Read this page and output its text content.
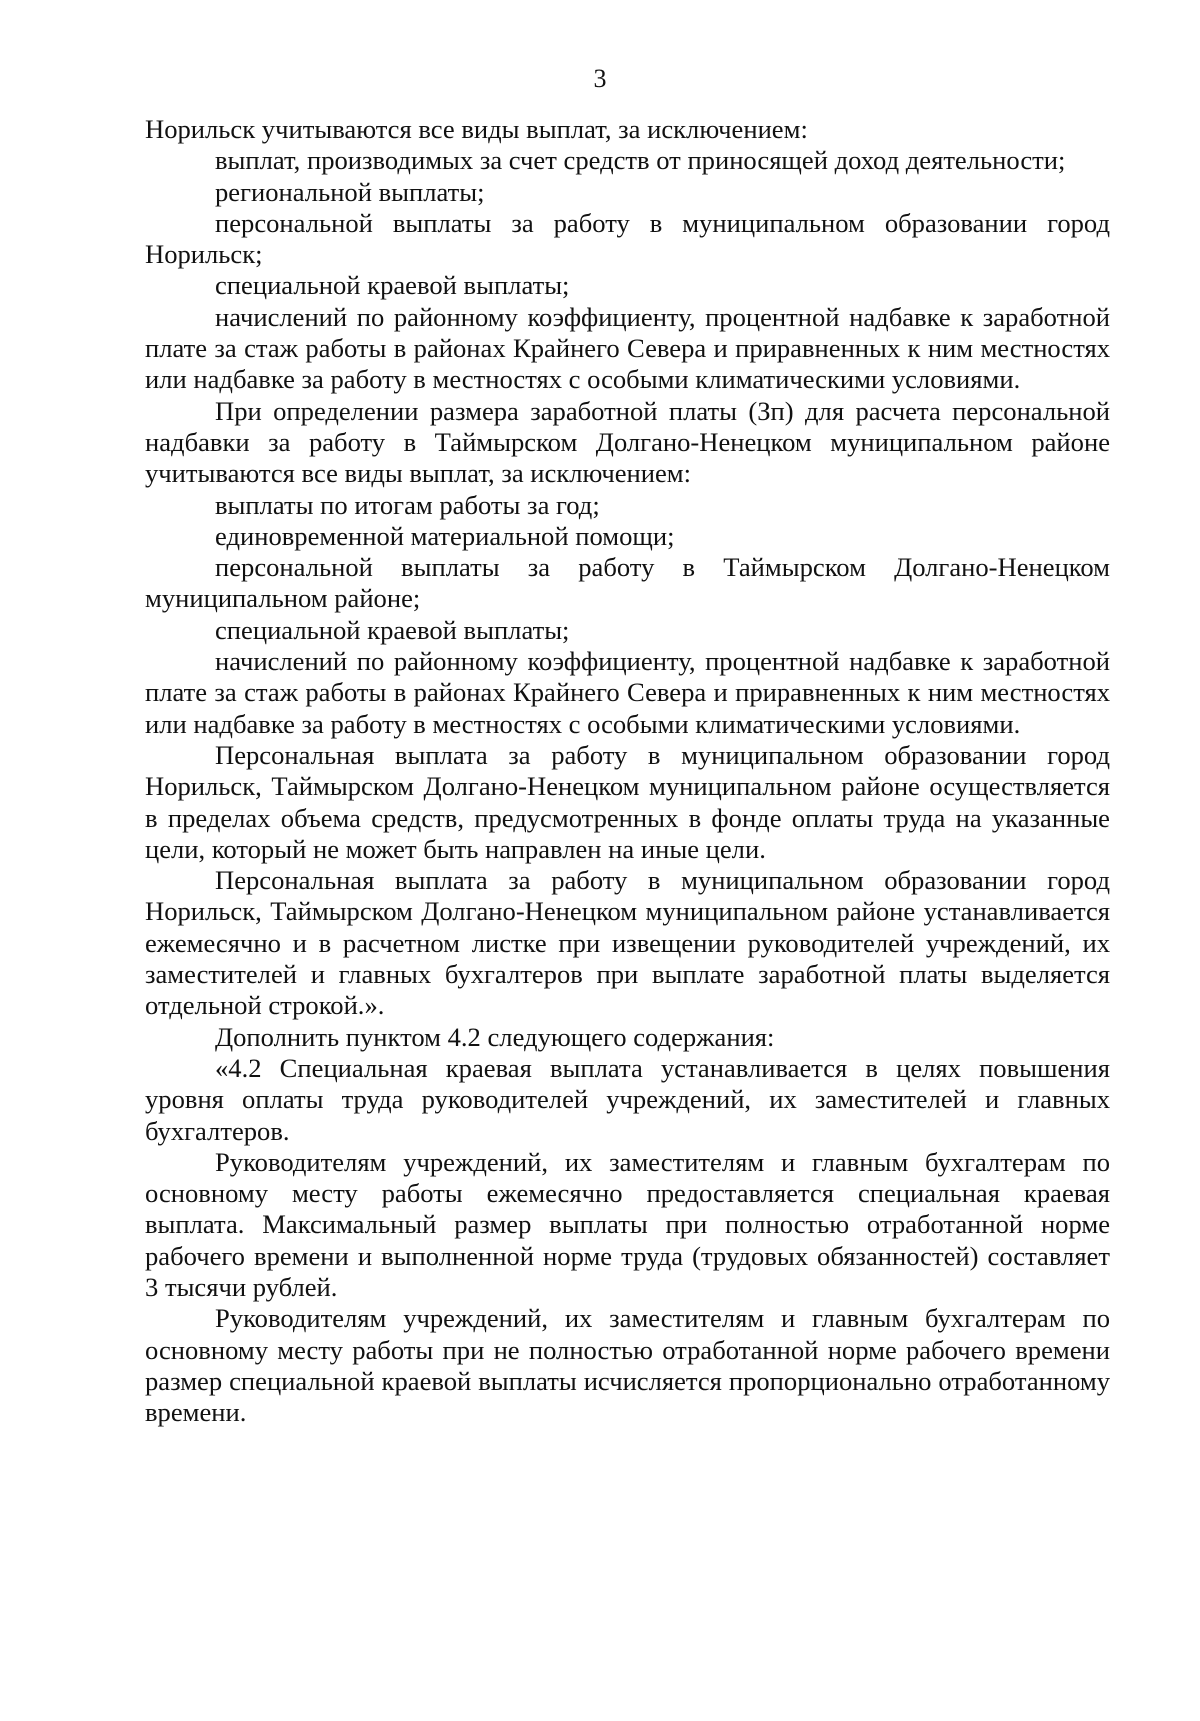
3

Норильск учитываются все виды выплат, за исключением:

выплат, производимых за счет средств от приносящей доход деятельности;

региональной выплаты;

персональной выплаты за работу в муниципальном образовании город Норильск;

специальной краевой выплаты;

начислений по районному коэффициенту, процентной надбавке к заработной плате за стаж работы в районах Крайнего Севера и приравненных к ним местностях или надбавке за работу в местностях с особыми климатическими условиями.

При определении размера заработной платы (Зп) для расчета персональной надбавки за работу в Таймырском Долгано-Ненецком муниципальном районе учитываются все виды выплат, за исключением:

выплаты по итогам работы за год;

единовременной материальной помощи;

персональной выплаты за работу в Таймырском Долгано-Ненецком муниципальном районе;

специальной краевой выплаты;

начислений по районному коэффициенту, процентной надбавке к заработной плате за стаж работы в районах Крайнего Севера и приравненных к ним местностях или надбавке за работу в местностях с особыми климатическими условиями.

Персональная выплата за работу в муниципальном образовании город Норильск, Таймырском Долгано-Ненецком муниципальном районе осуществляется в пределах объема средств, предусмотренных в фонде оплаты труда на указанные цели, который не может быть направлен на иные цели.

Персональная выплата за работу в муниципальном образовании город Норильск, Таймырском Долгано-Ненецком муниципальном районе устанавливается ежемесячно и в расчетном листке при извещении руководителей учреждений, их заместителей и главных бухгалтеров при выплате заработной платы выделяется отдельной строкой.».

Дополнить пунктом 4.2 следующего содержания:

«4.2 Специальная краевая выплата устанавливается в целях повышения уровня оплаты труда руководителей учреждений, их заместителей и главных бухгалтеров.

Руководителям учреждений, их заместителям и главным бухгалтерам по основному месту работы ежемесячно предоставляется специальная краевая выплата. Максимальный размер выплаты при полностью отработанной норме рабочего времени и выполненной норме труда (трудовых обязанностей) составляет 3 тысячи рублей.

Руководителям учреждений, их заместителям и главным бухгалтерам по основному месту работы при не полностью отработанной норме рабочего времени размер специальной краевой выплаты исчисляется пропорционально отработанному времени.
